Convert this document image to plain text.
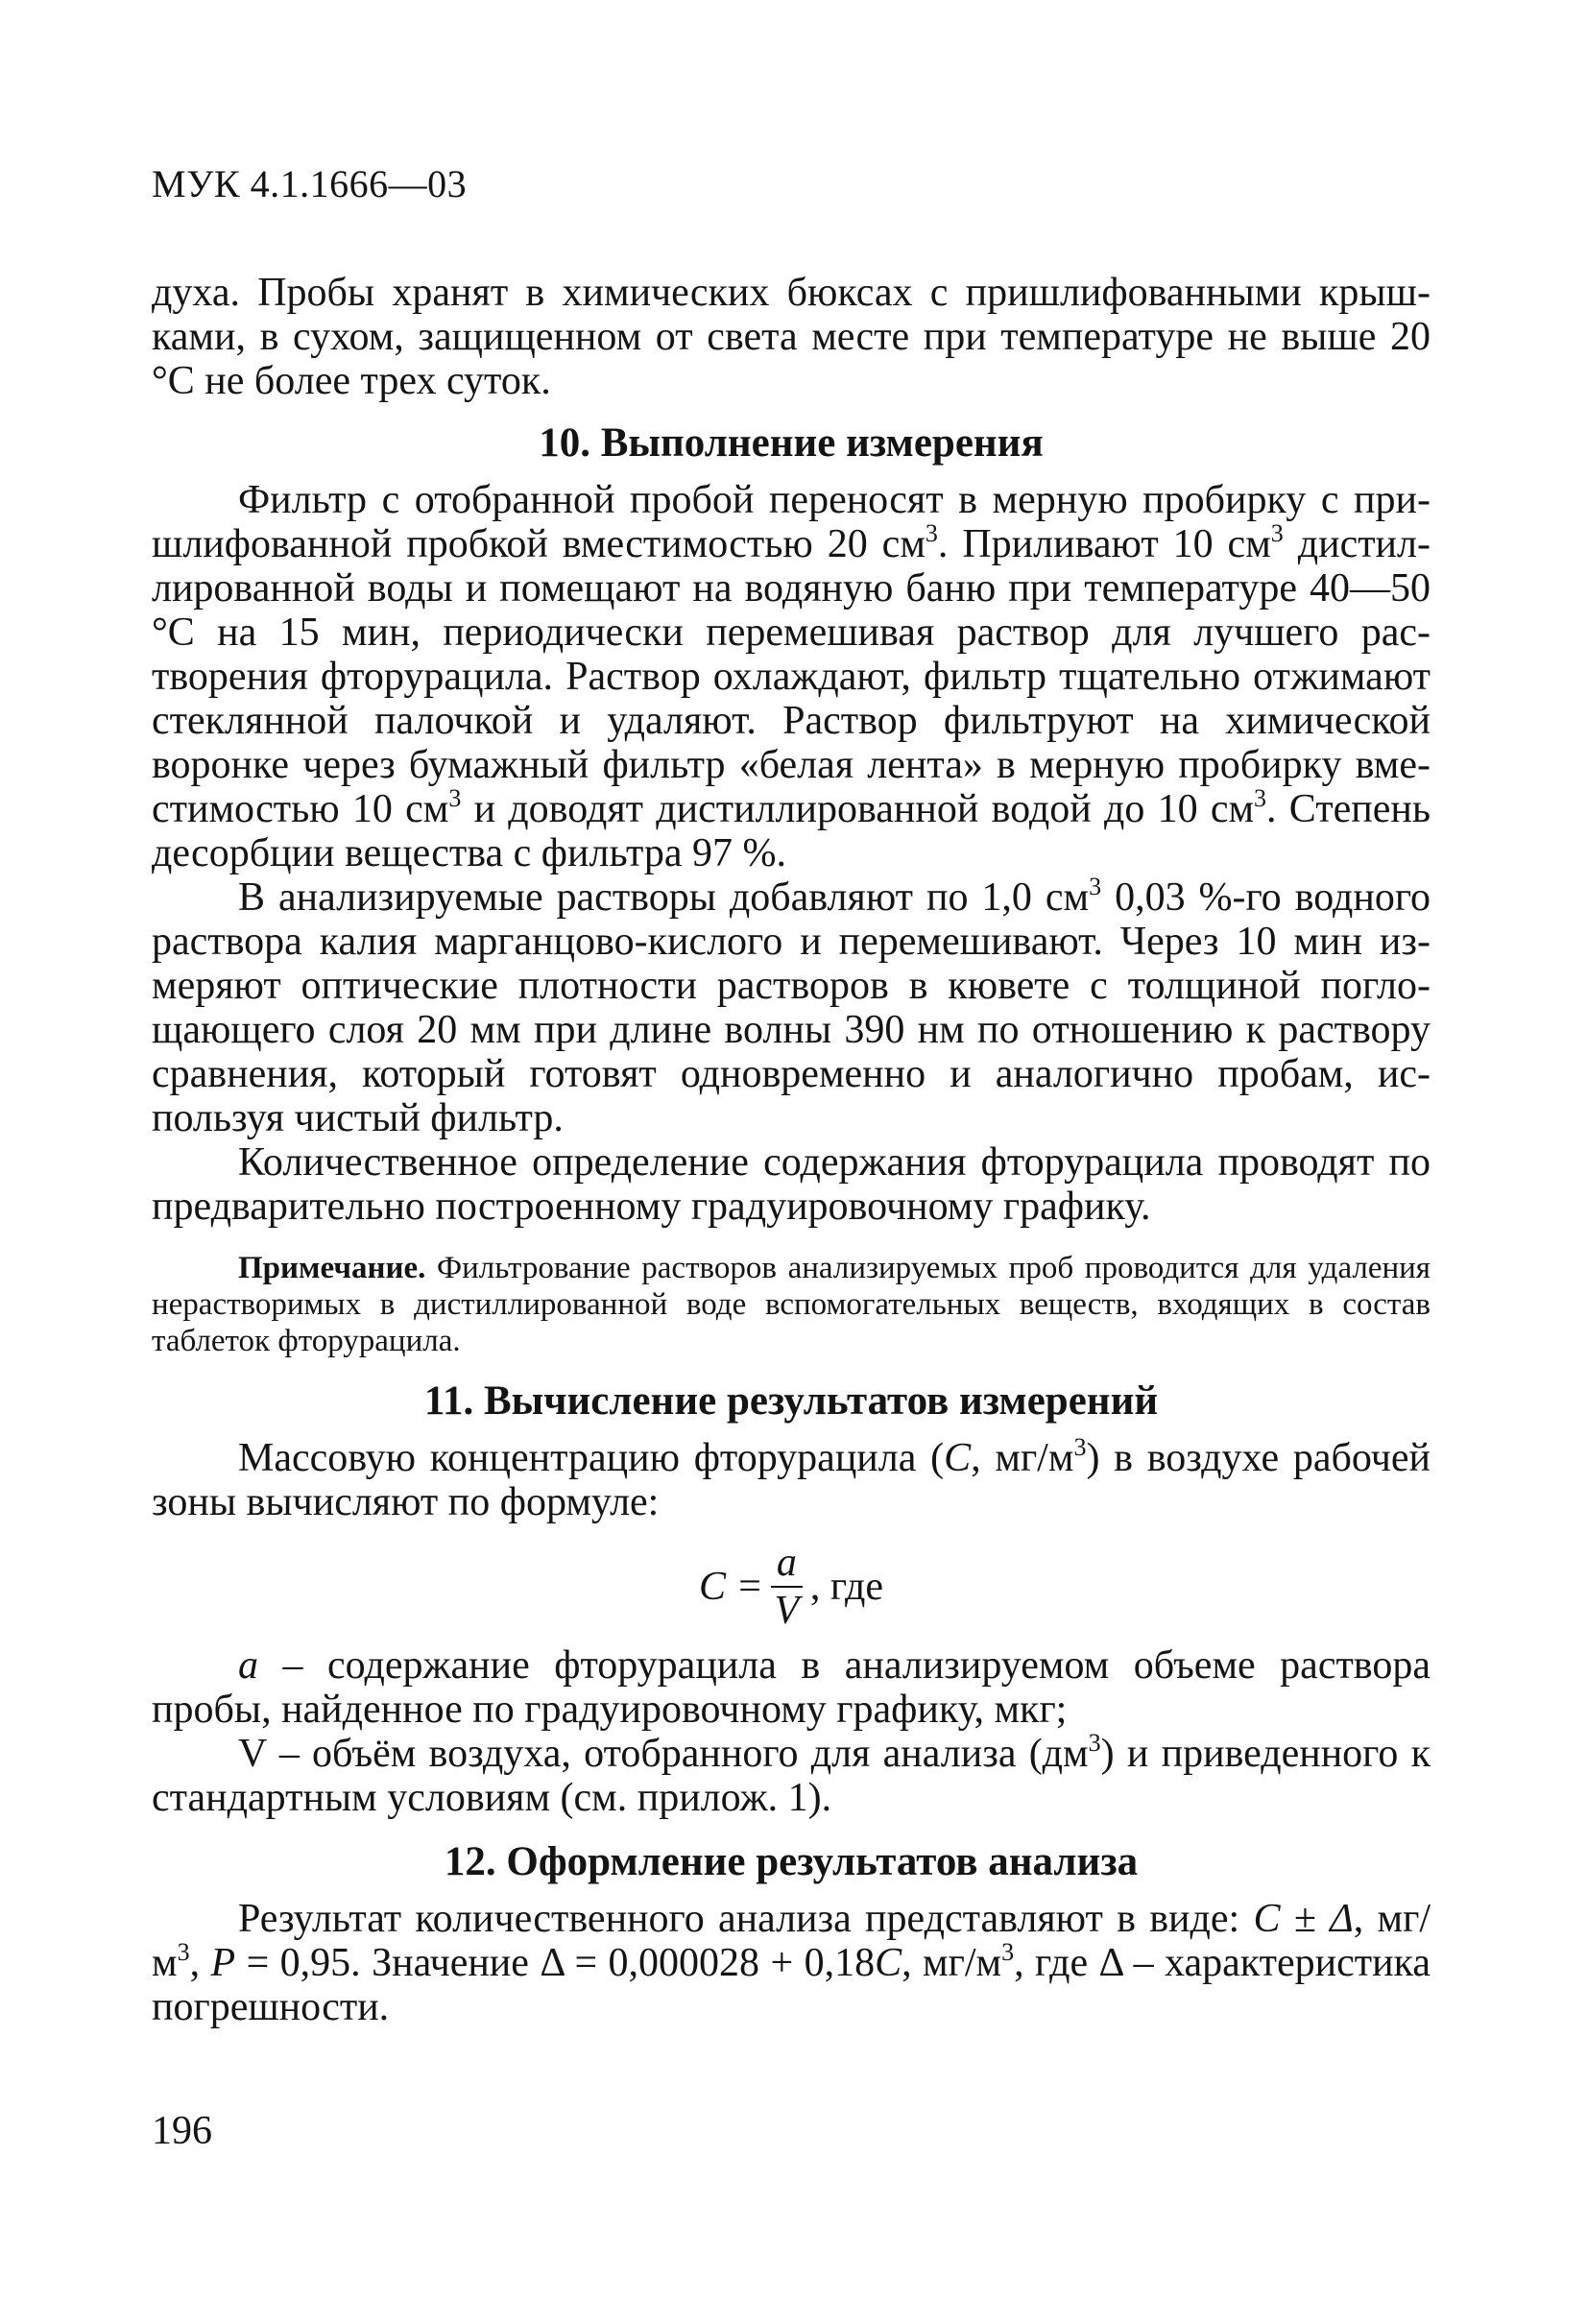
МУК 4.1.1666—03

духа. Пробы хранят в химических бюксах с пришлифованными крышками, в сухом, защищенном от света месте при температуре не выше 20 °С не более трех суток.

10. Выполнение измерения

Фильтр с отобранной пробой переносят в мерную пробирку с пришлифованной пробкой вместимостью 20 $см^3$. Приливают 10 $см^3$ дистиллированной воды и помещают на водяную баню при температуре 40—50 °С на 15 мин, периодически перемешивая раствор для лучшего растворения фторурацила. Раствор охлаждают, фильтр тщательно отжимают стеклянной палочкой и удаляют. Раствор фильтруют на химической воронке через бумажный фильтр «белая лента» в мерную пробирку вместимостью 10 $см^3$ и доводят дистиллированной водой до 10 $см^3$. Степень десорбции вещества с фильтра 97 %.

В анализируемые растворы добавляют по 1,0 $см^3$ 0,03 %-го водного раствора калия марганцово-кислого и перемешивают. Через 10 мин измеряют оптические плотности растворов в кювете с толщиной поглощающего слоя 20 мм при длине волны 390 нм по отношению к раствору сравнения, который готовят одновременно и аналогично пробам, используя чистый фильтр.

Количественное определение содержания фторурацила проводят по предварительно построенному градуировочному графику.

Примечание. Фильтрование растворов анализируемых проб проводится для удаления нерастворимых в дистиллированной воде вспомогательных веществ, входящих в состав таблеток фторурацила.

11. Вычисление результатов измерений

Массовую концентрацию фторурацила (С, $мг/м^3$) в воздухе рабочей зоны вычисляют по формуле:

$С = \frac{a}{V}$ , где

a – содержание фторурацила в анализируемом объеме раствора пробы, найденное по градуировочному графику, мкг;

V – объём воздуха, отобранного для анализа $(дм^3)$ и приведенного к стандартным условиям (см. прилож. 1).

12. Оформление результатов анализа

Результат количественного анализа представляют в виде: С ± Δ, $мг/м^3$, Р = 0,95. Значение Δ = 0,000028 + 0,18С, $мг/м^3$, где Δ – характеристика погрешности.

196
